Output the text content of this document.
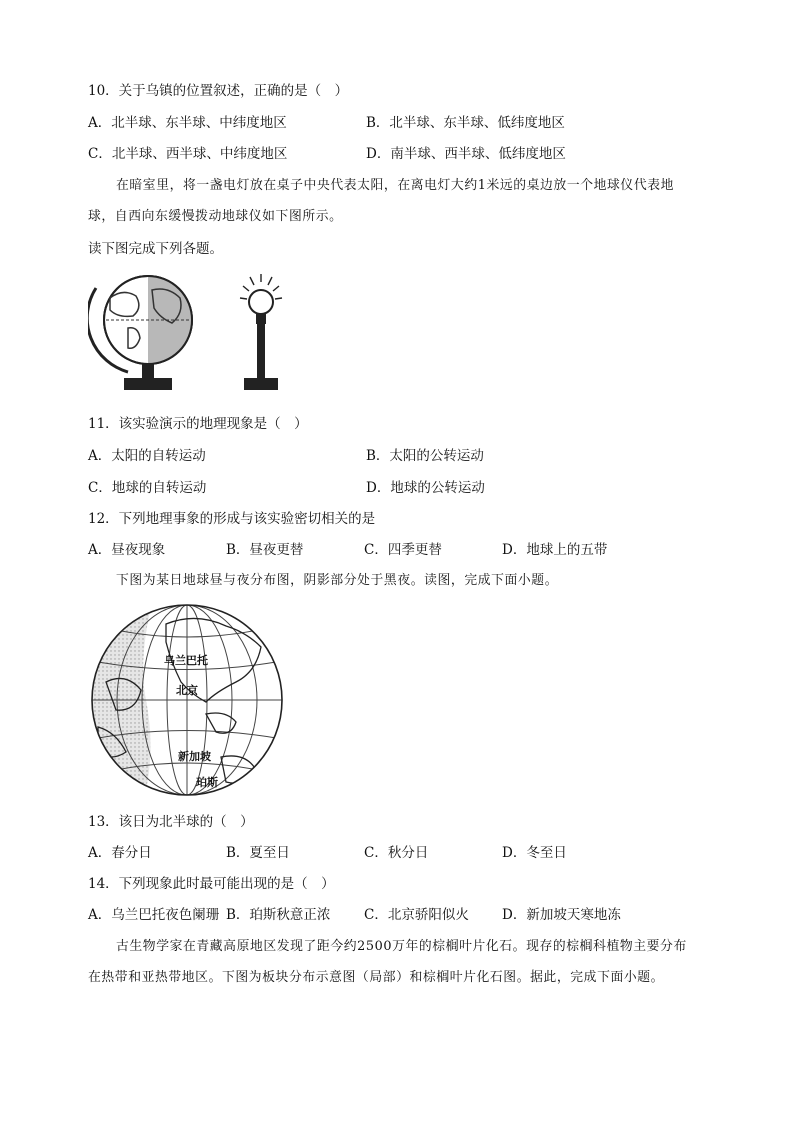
10．关于乌镇的位置叙述，正确的是（　）
A．北半球、东半球、中纬度地区	B．北半球、东半球、低纬度地区
C．北半球、西半球、中纬度地区	D．南半球、西半球、低纬度地区
在暗室里，将一盏电灯放在桌子中央代表太阳，在离电灯大约1米远的桌边放一个地球仪代表地
球，自西向东缓慢拨动地球仪如下图所示。
读下图完成下列各题。
11．该实验演示的地理现象是（　）
A．太阳的自转运动	B．太阳的公转运动
C．地球的自转运动	D．地球的公转运动
12．下列地理事象的形成与该实验密切相关的是
A．昼夜现象	B．昼夜更替	C．四季更替	D．地球上的五带
下图为某日地球昼与夜分布图，阴影部分处于黑夜。读图，完成下面小题。
乌兰巴托
北京
新加坡
珀斯
13．该日为北半球的（　）
A．春分日	B．夏至日	C．秋分日	D．冬至日
14．下列现象此时最可能出现的是（　）
A．乌兰巴托夜色阑珊 B．珀斯秋意正浓 C．北京骄阳似火 D．新加坡天寒地冻
古生物学家在青藏高原地区发现了距今约2500万年的棕榈叶片化石。现存的棕榈科植物主要分布
在热带和亚热带地区。下图为板块分布示意图（局部）和棕榈叶片化石图。据此，完成下面小题。
